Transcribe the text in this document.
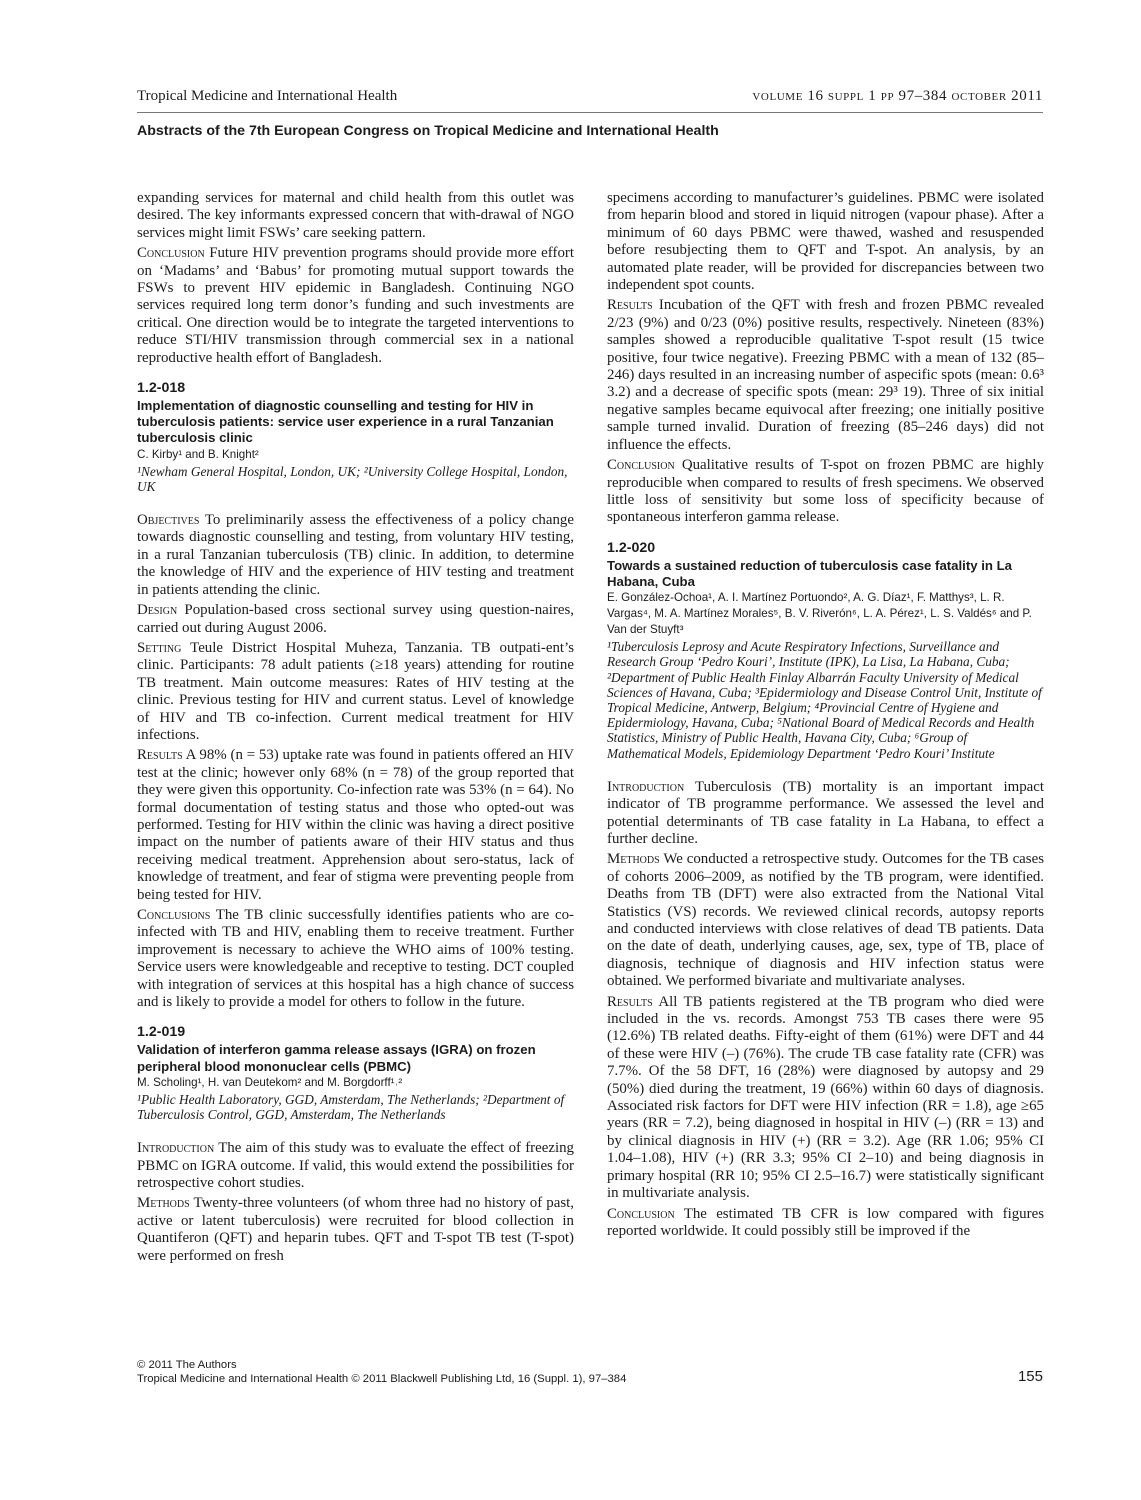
Tropical Medicine and International Health	volume 16 suppl 1 pp 97–384 october 2011
Abstracts of the 7th European Congress on Tropical Medicine and International Health

expanding services for maternal and child health from this outlet was desired. The key informants expressed concern that with-drawal of NGO services might limit FSWs’ care seeking pattern.

Conclusion Future HIV prevention programs should provide more effort on ‘Madams’ and ‘Babus’ for promoting mutual support towards the FSWs to prevent HIV epidemic in Bangladesh. Continuing NGO services required long term donor’s funding and such investments are critical. One direction would be to integrate the targeted interventions to reduce STI/HIV transmission through commercial sex in a national reproductive health effort of Bangladesh.

1.2-018
Implementation of diagnostic counselling and testing for HIV in tuberculosis patients: service user experience in a rural Tanzanian tuberculosis clinic
C. Kirby¹ and B. Knight²
¹Newham General Hospital, London, UK; ²University College Hospital, London, UK

Objectives To preliminarily assess the effectiveness of a policy change towards diagnostic counselling and testing, from voluntary HIV testing, in a rural Tanzanian tuberculosis (TB) clinic. In addition, to determine the knowledge of HIV and the experience of HIV testing and treatment in patients attending the clinic.

Design Population-based cross sectional survey using question-naires, carried out during August 2006.

Setting Teule District Hospital Muheza, Tanzania. TB outpati-ent’s clinic. Participants: 78 adult patients (≥18 years) attending for routine TB treatment. Main outcome measures: Rates of HIV testing at the clinic. Previous testing for HIV and current status. Level of knowledge of HIV and TB co-infection. Current medical treatment for HIV infections.

Results A 98% (n = 53) uptake rate was found in patients offered an HIV test at the clinic; however only 68% (n = 78) of the group reported that they were given this opportunity. Co-infection rate was 53% (n = 64). No formal documentation of testing status and those who opted-out was performed. Testing for HIV within the clinic was having a direct positive impact on the number of patients aware of their HIV status and thus receiving medical treatment. Apprehension about sero-status, lack of knowledge of treatment, and fear of stigma were preventing people from being tested for HIV.

Conclusions The TB clinic successfully identifies patients who are co-infected with TB and HIV, enabling them to receive treatment. Further improvement is necessary to achieve the WHO aims of 100% testing. Service users were knowledgeable and receptive to testing. DCT coupled with integration of services at this hospital has a high chance of success and is likely to provide a model for others to follow in the future.

1.2-019
Validation of interferon gamma release assays (IGRA) on frozen peripheral blood mononuclear cells (PBMC)
M. Scholing¹, H. van Deutekom² and M. Borgdorff¹˒²
¹Public Health Laboratory, GGD, Amsterdam, The Netherlands; ²Department of Tuberculosis Control, GGD, Amsterdam, The Netherlands

Introduction The aim of this study was to evaluate the effect of freezing PBMC on IGRA outcome. If valid, this would extend the possibilities for retrospective cohort studies.

Methods Twenty-three volunteers (of whom three had no history of past, active or latent tuberculosis) were recruited for blood collection in Quantiferon (QFT) and heparin tubes. QFT and T-spot TB test (T-spot) were performed on fresh

specimens according to manufacturer’s guidelines. PBMC were isolated from heparin blood and stored in liquid nitrogen (vapour phase). After a minimum of 60 days PBMC were thawed, washed and resuspended before resubjecting them to QFT and T-spot. An analysis, by an automated plate reader, will be provided for discrepancies between two independent spot counts.

Results Incubation of the QFT with fresh and frozen PBMC revealed 2/23 (9%) and 0/23 (0%) positive results, respectively. Nineteen (83%) samples showed a reproducible qualitative T-spot result (15 twice positive, four twice negative). Freezing PBMC with a mean of 132 (85–246) days resulted in an increasing number of aspecific spots (mean: 0.6³ 3.2) and a decrease of specific spots (mean: 29³ 19). Three of six initial negative samples became equivocal after freezing; one initially positive sample turned invalid. Duration of freezing (85–246 days) did not influence the effects.

Conclusion Qualitative results of T-spot on frozen PBMC are highly reproducible when compared to results of fresh specimens. We observed little loss of sensitivity but some loss of specificity because of spontaneous interferon gamma release.

1.2-020
Towards a sustained reduction of tuberculosis case fatality in La Habana, Cuba
E. González-Ochoa¹, A. I. Martínez Portuondo², A. G. Díaz¹, F. Matthys³, L. R. Vargas⁴, M. A. Martínez Morales⁵, B. V. Riverón⁶, L. A. Pérez¹, L. S. Valdés⁶ and P. Van der Stuyft³
¹Tuberculosis Leprosy and Acute Respiratory Infections, Surveillance and Research Group ‘Pedro Kouri’, Institute (IPK), La Lisa, La Habana, Cuba; ²Department of Public Health Finlay Albarrán Faculty University of Medical Sciences of Havana, Cuba; ³Epidermiology and Disease Control Unit, Institute of Tropical Medicine, Antwerp, Belgium; ⁴Provincial Centre of Hygiene and Epidermiology, Havana, Cuba; ⁵National Board of Medical Records and Health Statistics, Ministry of Public Health, Havana City, Cuba; ⁶Group of Mathematical Models, Epidemiology Department ‘Pedro Kouri’ Institute

Introduction Tuberculosis (TB) mortality is an important impact indicator of TB programme performance. We assessed the level and potential determinants of TB case fatality in La Habana, to effect a further decline.

Methods We conducted a retrospective study. Outcomes for the TB cases of cohorts 2006–2009, as notified by the TB program, were identified. Deaths from TB (DFT) were also extracted from the National Vital Statistics (VS) records. We reviewed clinical records, autopsy reports and conducted interviews with close relatives of dead TB patients. Data on the date of death, underlying causes, age, sex, type of TB, place of diagnosis, technique of diagnosis and HIV infection status were obtained. We performed bivariate and multivariate analyses.

Results All TB patients registered at the TB program who died were included in the vs. records. Amongst 753 TB cases there were 95 (12.6%) TB related deaths. Fifty-eight of them (61%) were DFT and 44 of these were HIV (–) (76%). The crude TB case fatality rate (CFR) was 7.7%. Of the 58 DFT, 16 (28%) were diagnosed by autopsy and 29 (50%) died during the treatment, 19 (66%) within 60 days of diagnosis. Associated risk factors for DFT were HIV infection (RR = 1.8), age ≥65 years (RR = 7.2), being diagnosed in hospital in HIV (–) (RR = 13) and by clinical diagnosis in HIV (+) (RR = 3.2). Age (RR 1.06; 95% CI 1.04–1.08), HIV (+) (RR 3.3; 95% CI 2–10) and being diagnosis in primary hospital (RR 10; 95% CI 2.5–16.7) were statistically significant in multivariate analysis.

Conclusion The estimated TB CFR is low compared with figures reported worldwide. It could possibly still be improved if the

© 2011 The Authors
Tropical Medicine and International Health © 2011 Blackwell Publishing Ltd, 16 (Suppl. 1), 97–384	155
